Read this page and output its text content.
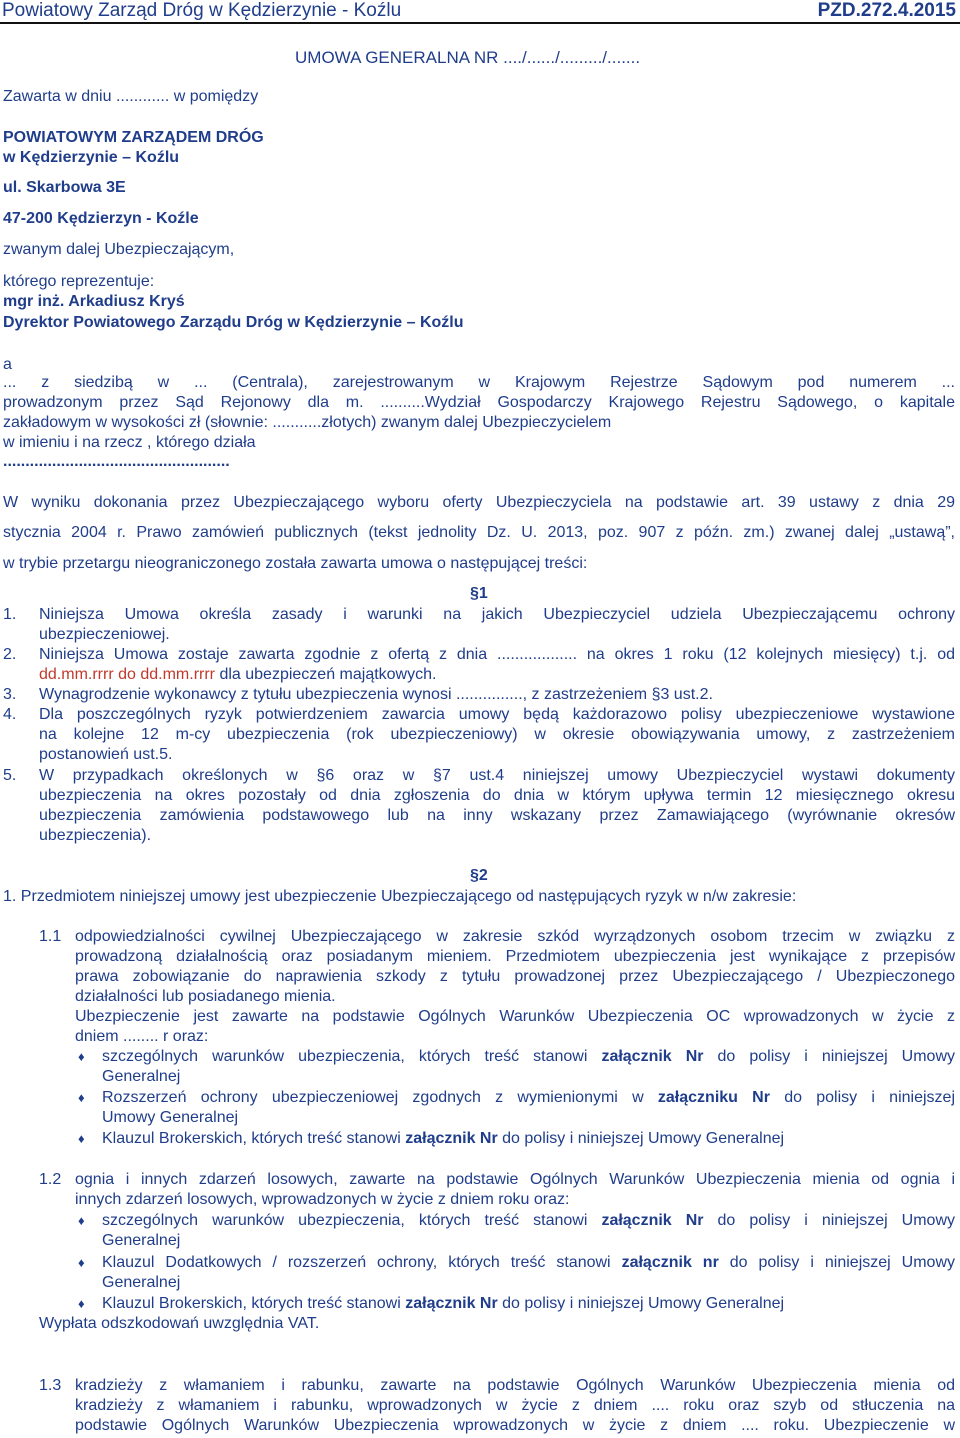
Powiatowy Zarząd Dróg w Kędzierzynie - Koźlu	PZD.272.4.2015
UMOWA GENERALNA NR ..../....../........./.......
Zawarta w dniu ............ w pomiędzy
POWIATOWYM ZARZĄDEM DRÓG
w Kędzierzynie – Koźlu
ul. Skarbowa 3E
47-200 Kędzierzyn - Koźle
zwanym dalej Ubezpieczającym,
którego reprezentuje:
mgr inż. Arkadiusz Kryś
Dyrektor Powiatowego Zarządu Dróg w Kędzierzynie – Koźlu
a
... z siedzibą w ... (Centrala), zarejestrowanym w Krajowym Rejestrze Sądowym pod numerem ...
prowadzonym przez Sąd Rejonowy dla m. ..........Wydział Gospodarczy Krajowego Rejestru Sądowego, o kapitale
zakładowym w wysokości zł (słownie: ...........złotych) zwanym dalej Ubezpieczycielem
w imieniu i na rzecz , którego działa
...................................................
W wyniku dokonania przez Ubezpieczającego wyboru oferty Ubezpieczyciela na podstawie art. 39 ustawy z dnia 29
stycznia 2004 r. Prawo zamówień publicznych (tekst jednolity Dz. U. 2013, poz. 907 z późn. zm.) zwanej dalej „ustawą”,
w trybie przetargu nieograniczonego została zawarta umowa o następującej treści:
§1
1. Niniejsza Umowa określa zasady i warunki na jakich Ubezpieczyciel udziela Ubezpieczającemu ochrony
ubezpieczeniowej.
2. Niniejsza Umowa zostaje zawarta zgodnie z ofertą z dnia .................. na okres 1 roku (12 kolejnych miesięcy) t.j. od
dd.mm.rrrr do dd.mm.rrrr dla ubezpieczeń majątkowych.
3. Wynagrodzenie wykonawcy z tytułu ubezpieczenia wynosi ..............., z zastrzeżeniem §3 ust.2.
4. Dla poszczególnych ryzyk potwierdzeniem zawarcia umowy będą każdorazowo polisy ubezpieczeniowe wystawione
na kolejne 12 m-cy ubezpieczenia (rok ubezpieczeniowy) w okresie obowiązywania umowy, z zastrzeżeniem
postanowień ust.5.
5. W przypadkach określonych w §6 oraz w §7 ust.4 niniejszej umowy Ubezpieczyciel wystawi dokumenty
ubezpieczenia na okres pozostały od dnia zgłoszenia do dnia w którym upływa termin 12 miesięcznego okresu
ubezpieczenia zamówienia podstawowego lub na inny wskazany przez Zamawiającego (wyrównanie okresów
ubezpieczenia).
§2
1. Przedmiotem niniejszej umowy jest ubezpieczenie Ubezpieczającego od następujących ryzyk w n/w zakresie:
1.1 odpowiedzialności cywilnej Ubezpieczającego w zakresie szkód wyrządzonych osobom trzecim w związku z
prowadzoną działalnością oraz posiadanym mieniem. Przedmiotem ubezpieczenia jest wynikające z przepisów
prawa zobowiązanie do naprawienia szkody z tytułu prowadzonej przez Ubezpieczającego / Ubezpieczonego
działalności lub posiadanego mienia.
Ubezpieczenie jest zawarte na podstawie Ogólnych Warunków Ubezpieczenia OC wprowadzonych w życie z
dniem ........ r oraz:
♦ szczególnych warunków ubezpieczenia, których treść stanowi załącznik Nr do polisy i niniejszej Umowy
Generalnej
♦ Rozszerzeń ochrony ubezpieczeniowej zgodnych z wymienionymi w załączniku Nr do polisy i niniejszej
Umowy Generalnej
♦ Klauzul Brokerskich, których treść stanowi załącznik Nr do polisy i niniejszej Umowy Generalnej
1.2 ognia i innych zdarzeń losowych, zawarte na podstawie Ogólnych Warunków Ubezpieczenia mienia od ognia i
innych zdarzeń losowych, wprowadzonych w życie z dniem roku oraz:
♦ szczególnych warunków ubezpieczenia, których treść stanowi załącznik Nr do polisy i niniejszej Umowy
Generalnej
♦ Klauzul Dodatkowych / rozszerzeń ochrony, których treść stanowi załącznik nr do polisy i niniejszej Umowy
Generalnej
♦ Klauzul Brokerskich, których treść stanowi załącznik Nr do polisy i niniejszej Umowy Generalnej
Wypłata odszkodowań uwzględnia VAT.
1.3 kradzieży z włamaniem i rabunku, zawarte na podstawie Ogólnych Warunków Ubezpieczenia mienia od
kradzieży z włamaniem i rabunku, wprowadzonych w życie z dniem .... roku oraz szyb od stłuczenia na
podstawie Ogólnych Warunków Ubezpieczenia wprowadzonych w życie z dniem .... roku. Ubezpieczenie w
